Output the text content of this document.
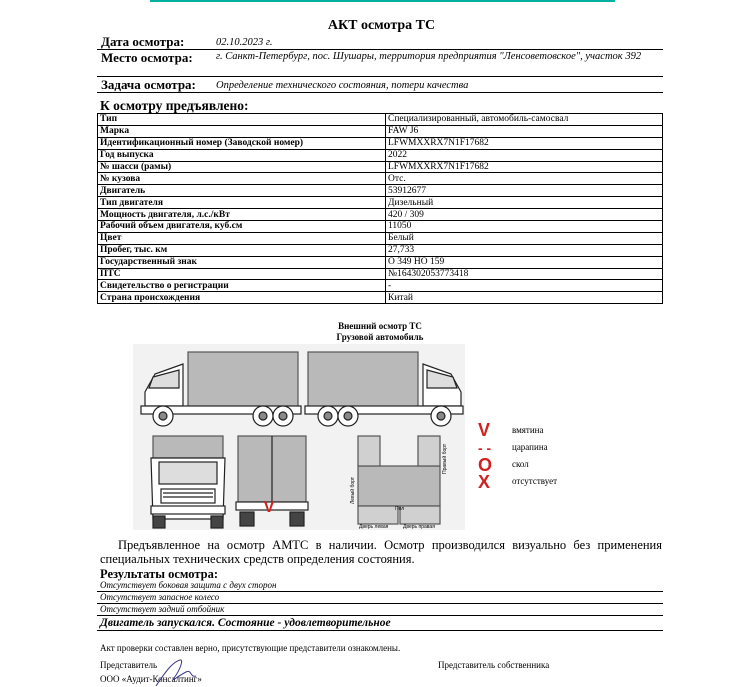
АКТ осмотра ТС
Дата осмотра:	02.10.2023 г.
Место осмотра: г. Санкт-Петербург, пос. Шушары, территория предприятия "Ленсоветовское", участок 392
Задача осмотра: Определение технического состояния, потери качества
К осмотру предъявлено:
Тип	Специализированный, автомобиль-самосвал
Марка	FAW J6
Идентификационный номер (Заводской номер)	LFWMXXRX7N1F17682
Год выпуска	2022
№ шасси (рамы)	LFWMXXRX7N1F17682
№ кузова	Отс.
Двигатель	53912677
Тип двигателя	Дизельный
Мощность двигателя, л.с./кВт	420 / 309
Рабочий объем двигателя, куб.см	11050
Цвет	Белый
Пробег, тыс. км	27,733
Государственный знак	О 349 НО 159
ПТС	№164302053773418
Свидетельство о регистрации	-
Страна происхождения	Китай
Внешний осмотр ТС
Грузовой автомобиль
Левый борт
Правый борт
Пол
Дверь левая	Дверь правая
V
V вмятина
- - царапина
O скол
X отсутствует
Предъявленное на осмотр АМТС в наличии. Осмотр производился визуально без применения специальных технических средств определения состояния.
Результаты осмотра:
Отсутствует боковая защита с двух сторон
Отсутствует запасное колесо
Отсутствует задний отбойник
Двигатель запускался. Состояние - удовлетворительное
Акт проверки составлен верно, присутствующие представители ознакомлены.
Представитель
ООО «Аудит-Консалтинг»
Представитель собственника
